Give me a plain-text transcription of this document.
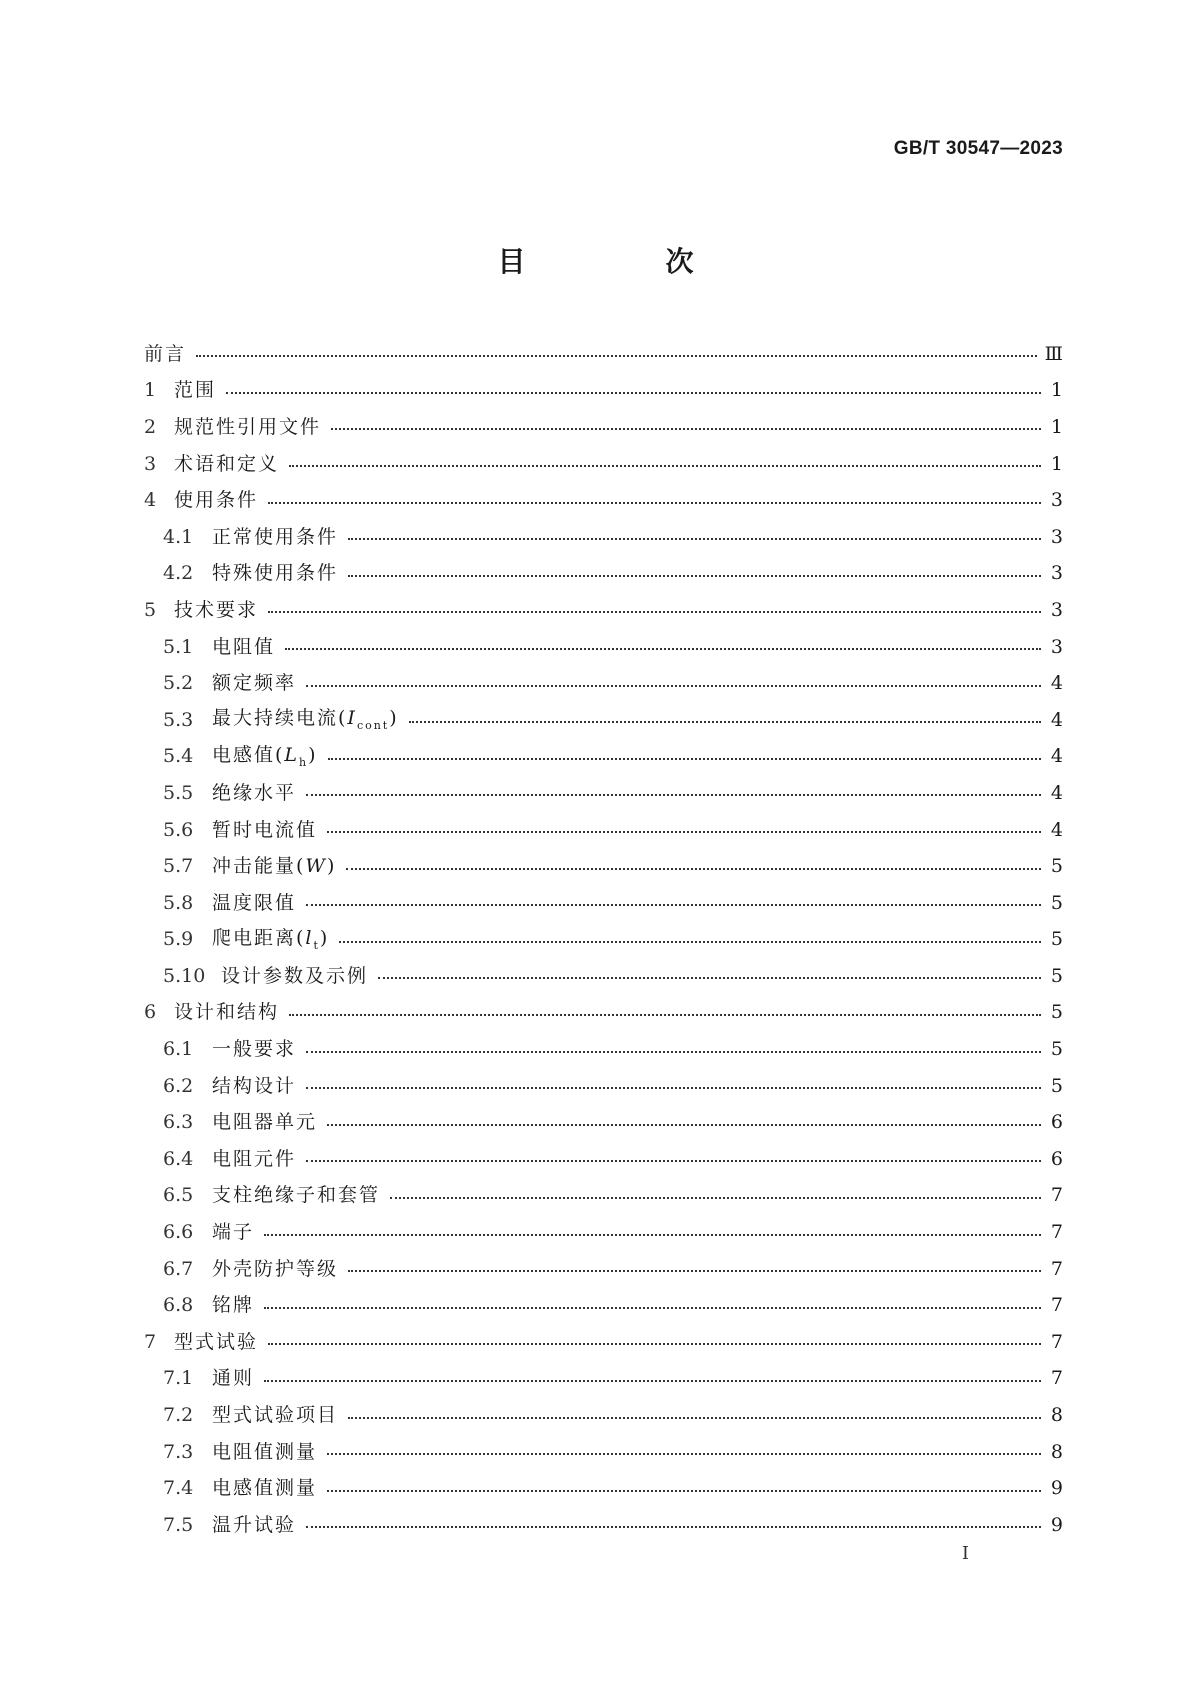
GB/T 30547—2023
目　次
前言	Ⅲ
1 范围	1
2 规范性引用文件	1
3 术语和定义	1
4 使用条件	3
4.1 正常使用条件	3
4.2 特殊使用条件	3
5 技术要求	3
5.1 电阻值	3
5.2 额定频率	4
5.3 最大持续电流$(I_{cont})$	4
5.4 电感值$(L_h)$	4
5.5 绝缘水平	4
5.6 暂时电流值	4
5.7 冲击能量(W)	5
5.8 温度限值	5
5.9 爬电距离$(l_t)$	5
5.10 设计参数及示例	5
6 设计和结构	5
6.1 一般要求	5
6.2 结构设计	5
6.3 电阻器单元	6
6.4 电阻元件	6
6.5 支柱绝缘子和套管	7
6.6 端子	7
6.7 外壳防护等级	7
6.8 铭牌	7
7 型式试验	7
7.1 通则	7
7.2 型式试验项目	8
7.3 电阻值测量	8
7.4 电感值测量	9
7.5 温升试验	9
Ⅰ
